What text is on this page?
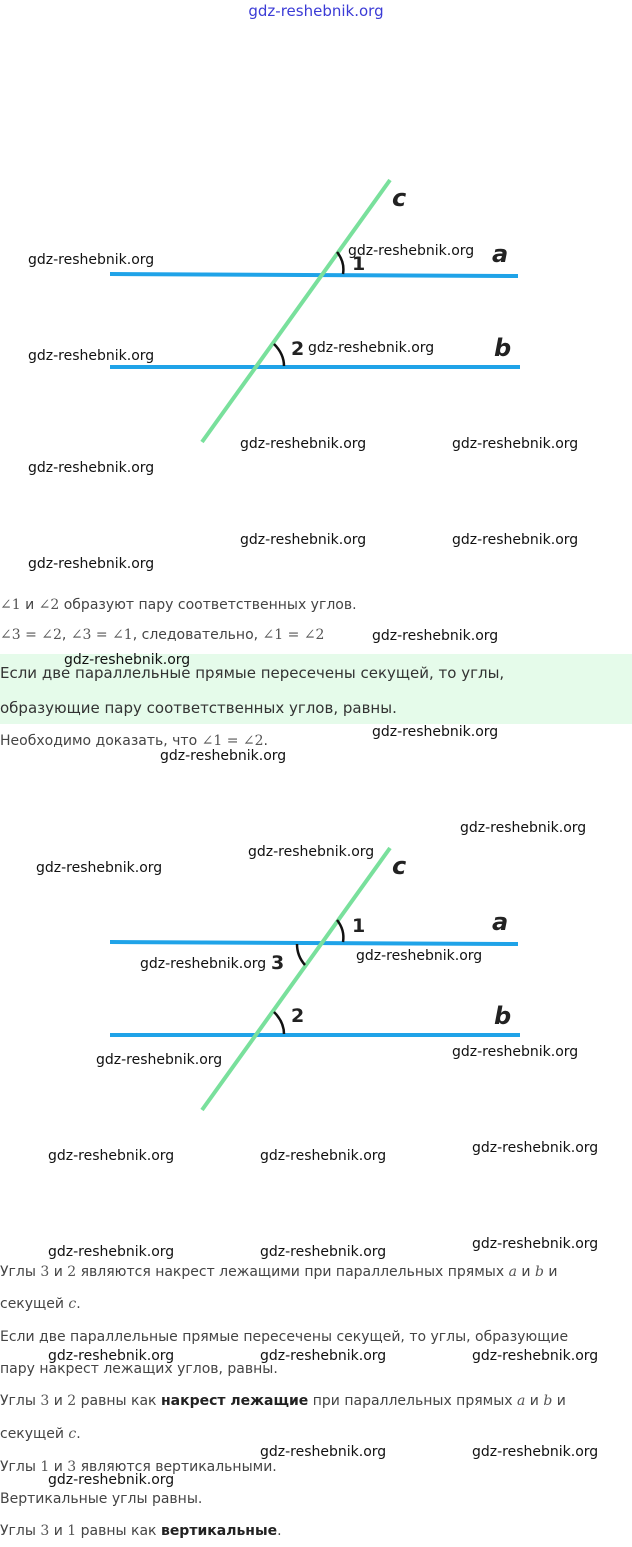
gdz-reshebnik.org
c
a
b
1
2
c
a
b
1
2
3
∠1 и ∠2 образуют пару соответственных углов.
∠3 = ∠2, ∠3 = ∠1, следовательно, ∠1 = ∠2
Если две параллельные прямые пересечены секущей, то углы,
образующие пару соответственных углов, равны.
Необходимо доказать, что ∠1 = ∠2.
Углы 3 и 2 являются накрест лежащими при параллельных прямых a и b и
секущей c.
Если две параллельные прямые пересечены секущей, то углы, образующие
пару накрест лежащих углов, равны.
Углы 3 и 2 равны как накрест лежащие при параллельных прямых a и b и
секущей c.
Углы 1 и 3 являются вертикальными.
Вертикальные углы равны.
Углы 3 и 1 равны как вертикальные.
gdz-reshebnik.org
gdz-reshebnik.org
gdz-reshebnik.org	gdz-reshebnik.org
gdz-reshebnik.org	gdz-reshebnik.org
gdz-reshebnik.org
gdz-reshebnik.org	gdz-reshebnik.org
gdz-reshebnik.org
gdz-reshebnik.org
gdz-reshebnik.org
gdz-reshebnik.org
gdz-reshebnik.org
gdz-reshebnik.org
gdz-reshebnik.org
gdz-reshebnik.org
gdz-reshebnik.org	gdz-reshebnik.org
gdz-reshebnik.org	gdz-reshebnik.org
gdz-reshebnik.org	gdz-reshebnik.org	gdz-reshebnik.org
gdz-reshebnik.org	gdz-reshebnik.org	gdz-reshebnik.org
gdz-reshebnik.org	gdz-reshebnik.org	gdz-reshebnik.org
gdz-reshebnik.org	gdz-reshebnik.org
gdz-reshebnik.org
